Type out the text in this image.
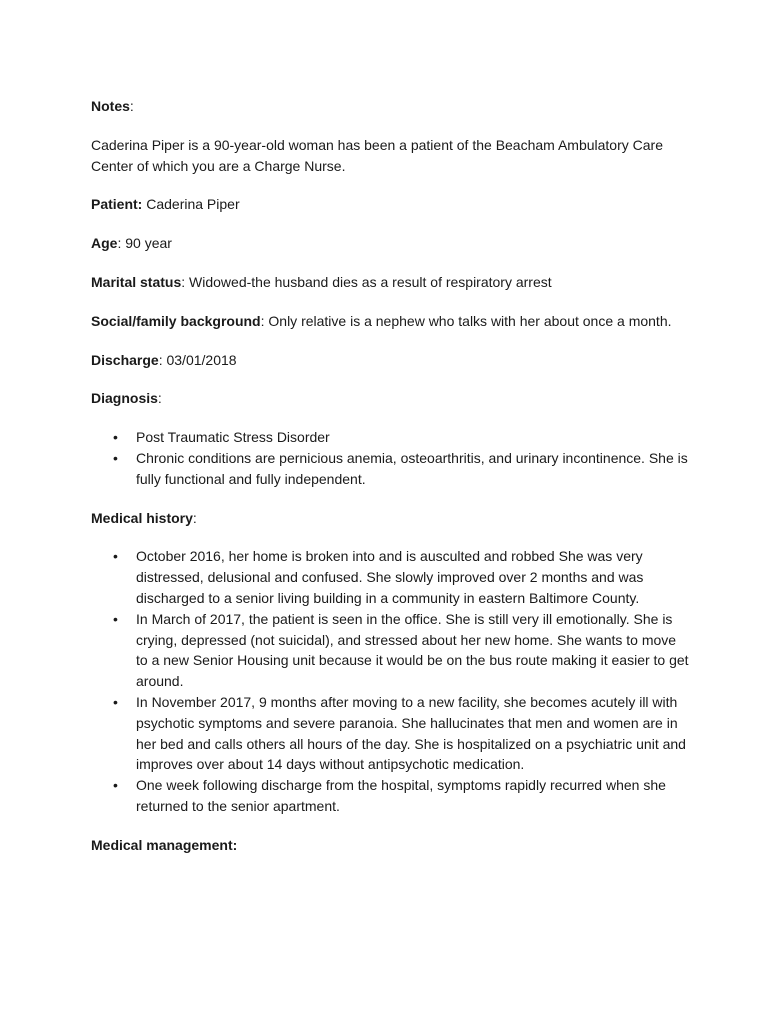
Notes:

Caderina Piper is a 90-year-old woman has been a patient of the Beacham Ambulatory Care Center of which you are a Charge Nurse.

Patient: Caderina Piper

Age: 90 year

Marital status: Widowed-the husband dies as a result of respiratory arrest

Social/family background: Only relative is a nephew who talks with her about once a month.

Discharge: 03/01/2018

Diagnosis:

• Post Traumatic Stress Disorder
• Chronic conditions are pernicious anemia, osteoarthritis, and urinary incontinence. She is fully functional and fully independent.

Medical history:

• October 2016, her home is broken into and is ausculted and robbed She was very distressed, delusional and confused. She slowly improved over 2 months and was discharged to a senior living building in a community in eastern Baltimore County.
• In March of 2017, the patient is seen in the office. She is still very ill emotionally. She is crying, depressed (not suicidal), and stressed about her new home. She wants to move to a new Senior Housing unit because it would be on the bus route making it easier to get around.
• In November 2017, 9 months after moving to a new facility, she becomes acutely ill with psychotic symptoms and severe paranoia. She hallucinates that men and women are in her bed and calls others all hours of the day. She is hospitalized on a psychiatric unit and improves over about 14 days without antipsychotic medication.
• One week following discharge from the hospital, symptoms rapidly recurred when she returned to the senior apartment.

Medical management:
